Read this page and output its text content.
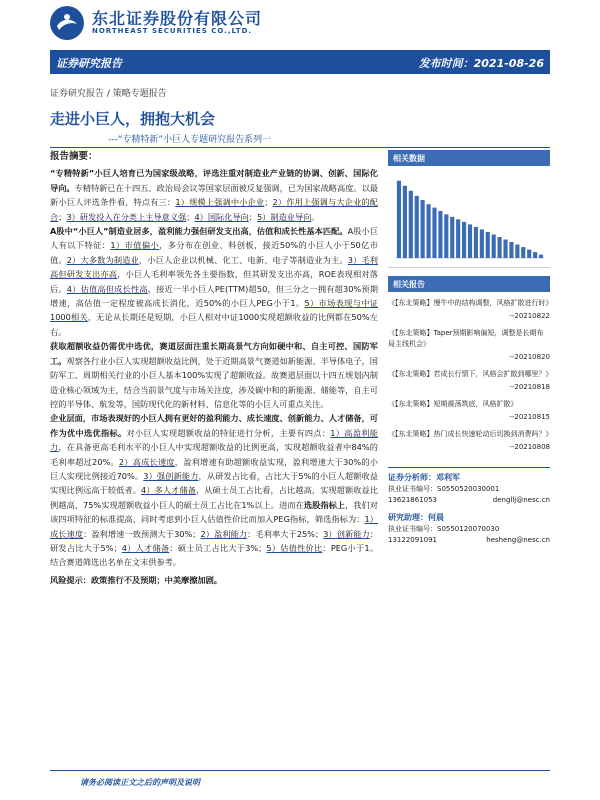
东北证券股份有限公司
NORTHEAST SECURITIES CO.,LTD.
证券研究报告	发布时间：2021-08-26
证券研究报告 / 策略专题报告
走进小巨人，拥抱大机会
---“专精特新”小巨人专题研究报告系列一
报告摘要：

“专精特新”小巨人培育已为国家级战略，评选注重对制造业产业链的协调、创新、国际化导向。专精特新已在十四五、政治局会议等国家层面被反复强调，已为国家战略高度。以最新小巨人评选条件看，特点有三：1）规模上强调中小企业；2）作用上强调与大企业的配合；3）研发投入在分类上主导意义强；4）国际化导向；5）制造业导向。

A股中“小巨人”制造业居多，盈利能力强但研发支出高，估值和成长性基本匹配。A股小巨人有以下特征：1）市值偏小，多分布在创业、科创板，接近50%的小巨人小于50亿市值。2）大多数为制造业，小巨人企业以机械、化工、电新、电子等制造业为主。3）毛利高但研发支出亦高，小巨人毛利率领先各主要指数，但其研发支出亦高，ROE表现相对落后。4）估值高但成长性高，接近一半小巨人PE(TTM)超50，但三分之一拥有超30%预期增速，高估值一定程度被高成长消化，近50%的小巨人PEG小于1。5）市场表现与中证1000相关，无论从长期还是短期，小巨人相对中证1000实现超额收益的比例都在50%左右。

获取超额收益仍需优中选优，赛道层面注重长期高景气方向如硬中和、自主可控、国防军工。观察各行业小巨人实现超额收益比例，处于近期高景气赛道如新能源、半导体电子，国防军工、周期相关行业的小巨人基本100%实现了超额收益。故赛道层面以十四五规划内制造业核心领域为主，结合当前景气度与市场关注度，涉及碳中和的新能源、储能等，自主可控的半导体、航发等，国防现代化的新材料、信息化等的小巨人可重点关注。

企业层面，市场表现好的小巨人拥有更好的盈利能力、成长速度、创新能力、人才储备，可作为优中选优指标。对小巨人实现超额收益的特征进行分析，主要有四点：1）高盈利能力，在具备更高毛利水平的小巨人中实现超额收益的比例更高，实现超额收益者中84%的毛利率超过20%。2）高成长速度，盈利增速有助超额收益实现，盈利增速大于30%的小巨人实现比例接近70%。3）强创新能力，从研发占比看，占比大于5%的小巨人超额收益实现比例远高于较低者。4）多人才储备，从硕士员工占比看，占比越高，实现超额收益比例越高，75%实现超额收益小巨人的硕士员工占比在1%以上。进而在选股指标上，我们对该四项特征的标准提高，同时考虑到小巨人估值性价比而加入PEG指标，筛选指标为：1）成长速度：盈利增速一致预测大于30%；2）盈利能力：毛利率大于25%；3）创新能力：研发占比大于5%；4）人才储备：硕士员工占比大于3%；5）估值性价比：PEG小于1。结合赛道筛选出名单在文末供参考。

风险提示：政策推行不及预期；中美摩擦加剧。

相关数据
相关报告
《【东北策略】慢牛中的结构调整，风格扩散进行时》
--20210822
《【东北策略】Taper预期影响偏短，调整是长期布局主线机会》
--20210820
《【东北策略】若成长行情下，风格会扩散到哪里？》
--20210818
《【东北策略】短期震荡筑底，风格扩散》
--20210815
《【东北策略】热门成长快速轮动后切换到消费吗？》
--20210808
证券分析师：邓利军
执业证书编号：S0550520030001
13621861053	dengllj@nesc.cn
研究助理：何晨
执业证书编号：S0550120070030
13122091091	hesheng@nesc.cn
请务必阅读正文之后的声明及说明
